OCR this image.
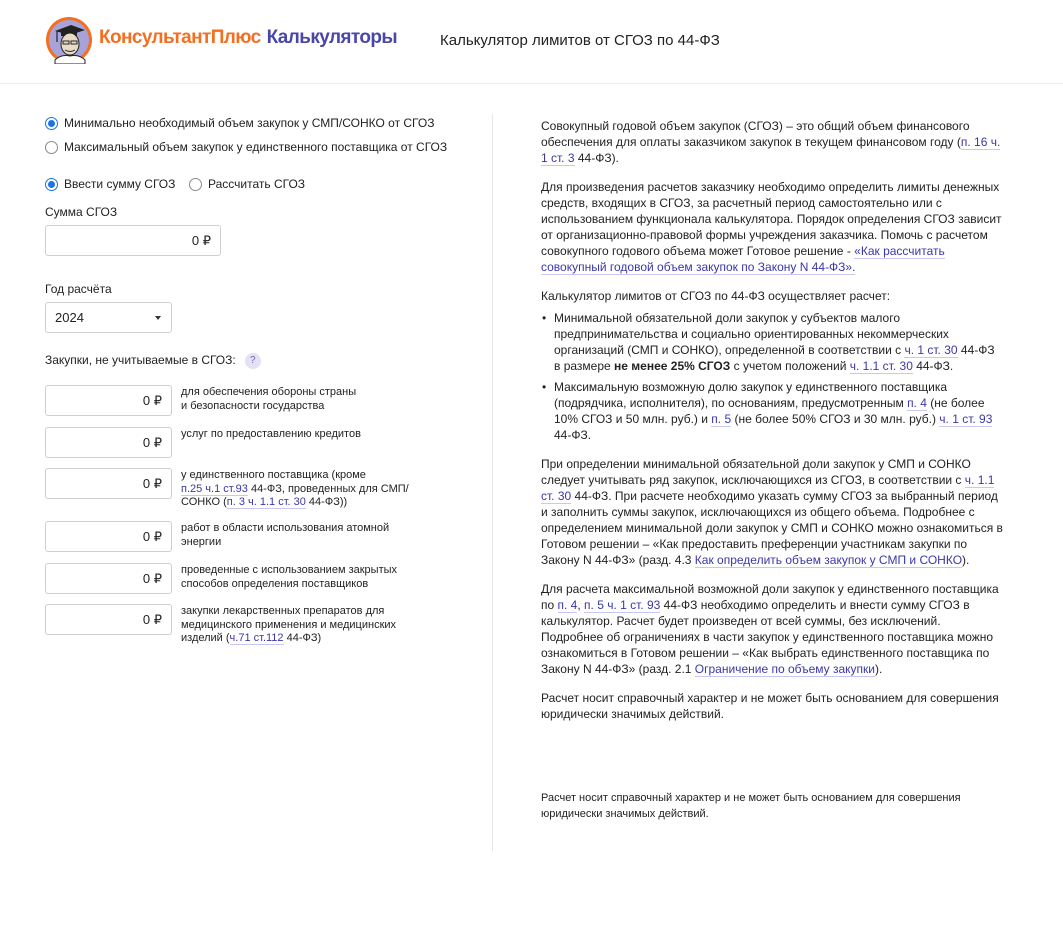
КонсультантПлюс Калькуляторы	Калькулятор лимитов от СГОЗ по 44-ФЗ
Минимально необходимый объем закупок у СМП/СОНКО от СГОЗ
Максимальный объем закупок у единственного поставщика от СГОЗ
Ввести сумму СГОЗ	Рассчитать СГОЗ
Сумма СГОЗ
0 ₽
Год расчёта
2024
Закупки, не учитываемые в СГОЗ: ?
0 ₽
для обеспечения обороны страны
и безопасности государства
0 ₽
услуг по предоставлению кредитов
0 ₽
у единственного поставщика (кроме
п.25 ч.1 ст.93 44-ФЗ, проведенных для СМП/ СОНКО (п. 3 ч. 1.1 ст. 30 44-ФЗ))
0 ₽
работ в области использования атомной энергии
0 ₽
проведенные с использованием закрытых способов определения поставщиков
0 ₽
закупки лекарственных препаратов для медицинского применения и медицинских изделий (ч.71 ст.112 44-ФЗ)

Совокупный годовой объем закупок (СГОЗ) – это общий объем финансового обеспечения для оплаты заказчиком закупок в текущем финансовом году (п. 16 ч. 1 ст. 3 44-ФЗ).

Для произведения расчетов заказчику необходимо определить лимиты денежных средств, входящих в СГОЗ, за расчетный период самостоятельно или с использованием функционала калькулятора. Порядок определения СГОЗ зависит от организационно-правовой формы учреждения заказчика. Помочь с расчетом совокупного годового объема может Готовое решение - «Как рассчитать совокупный годовой объем закупок по Закону N 44-ФЗ».

Калькулятор лимитов от СГОЗ по 44-ФЗ осуществляет расчет:

• Минимальной обязательной доли закупок у субъектов малого предпринимательства и социально ориентированных некоммерческих организаций (СМП и СОНКО), определенной в соответствии с ч. 1 ст. 30 44-ФЗ в размере не менее 25% СГОЗ с учетом положений ч. 1.1 ст. 30 44-ФЗ.
• Максимальную возможную долю закупок у единственного поставщика (подрядчика, исполнителя), по основаниям, предусмотренным п. 4 (не более 10% СГОЗ и 50 млн. руб.) и п. 5 (не более 50% СГОЗ и 30 млн. руб.) ч. 1 ст. 93 44-ФЗ.

При определении минимальной обязательной доли закупок у СМП и СОНКО следует учитывать ряд закупок, исключающихся из СГОЗ, в соответствии с ч. 1.1 ст. 30 44-ФЗ. При расчете необходимо указать сумму СГОЗ за выбранный период и заполнить суммы закупок, исключающихся из общего объема. Подробнее с определением минимальной доли закупок у СМП и СОНКО можно ознакомиться в Готовом решении – «Как предоставить преференции участникам закупки по Закону N 44-ФЗ» (разд. 4.3 Как определить объем закупок у СМП и СОНКО).

Для расчета максимальной возможной доли закупок у единственного поставщика по п. 4, п. 5 ч. 1 ст. 93 44-ФЗ необходимо определить и внести сумму СГОЗ в калькулятор. Расчет будет произведен от всей суммы, без исключений. Подробнее об ограничениях в части закупок у единственного поставщика можно ознакомиться в Готовом решении – «Как выбрать единственного поставщика по Закону N 44-ФЗ» (разд. 2.1 Ограничение по объему закупки).

Расчет носит справочный характер и не может быть основанием для совершения юридически значимых действий.

Расчет носит справочный характер и не может быть основанием для совершения юридически значимых действий.
